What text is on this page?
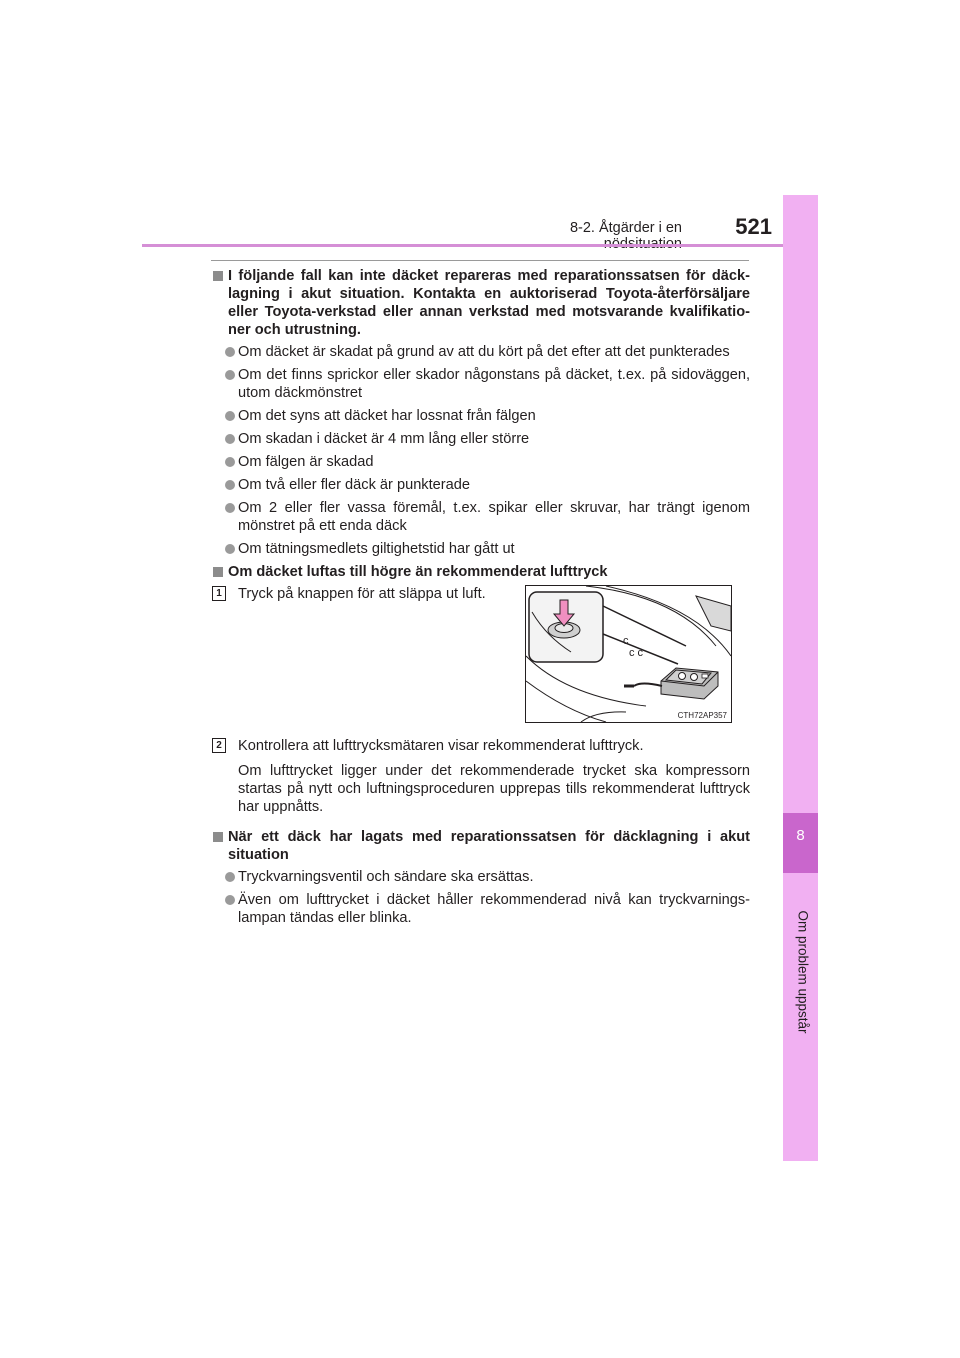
8-2. Åtgärder i en	521
8
Om problem uppstår
I följande fall kan inte däcket repareras med reparationssatsen för däcklagning i akut situation. Kontakta en auktoriserad Toyota-återförsäljare eller Toyota-verkstad eller annan verkstad med motsvarande kvalifikationer och utrustning.
Om däcket är skadat på grund av att du kört på det efter att det punkterades
Om det finns sprickor eller skador någonstans på däcket, t.ex. på sidoväggen, utom däckmönstret
Om det syns att däcket har lossnat från fälgen
Om skadan i däcket är 4 mm lång eller större
Om fälgen är skadad
Om två eller fler däck är punkterade
Om 2 eller fler vassa föremål, t.ex. spikar eller skruvar, har trängt igenom mönstret på ett enda däck
Om tätningsmedlets giltighetstid har gått ut
Om däcket luftas till högre än rekommenderat lufttryck
1 Tryck på knappen för att släppa ut luft.
2 Kontrollera att lufttrycksmätaren visar rekommenderat lufttryck.
Om lufttrycket ligger under det rekommenderade trycket ska kompressorn startas på nytt och luftningsproceduren upprepas tills rekommenderat lufttryck har uppnåtts.
När ett däck har lagats med reparationssatsen för däcklagning i akut situation
Tryckvarningsventil och sändare ska ersättas.
Även om lufttrycket i däcket håller rekommenderad nivå kan tryckvarningslampan tändas eller blinka.
c
c c
CTH72AP357
